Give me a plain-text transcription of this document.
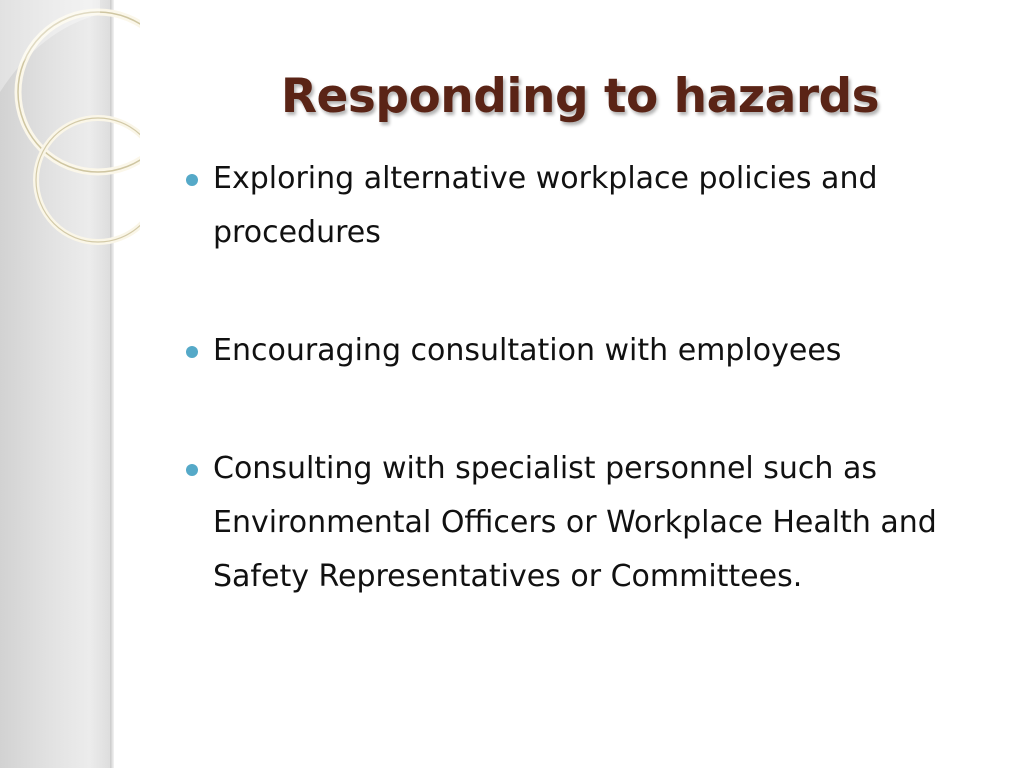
Responding to hazards
Exploring alternative workplace policies and procedures
Encouraging consultation with employees
Consulting with specialist personnel such as Environmental Officers or Workplace Health and Safety Representatives or Committees.
